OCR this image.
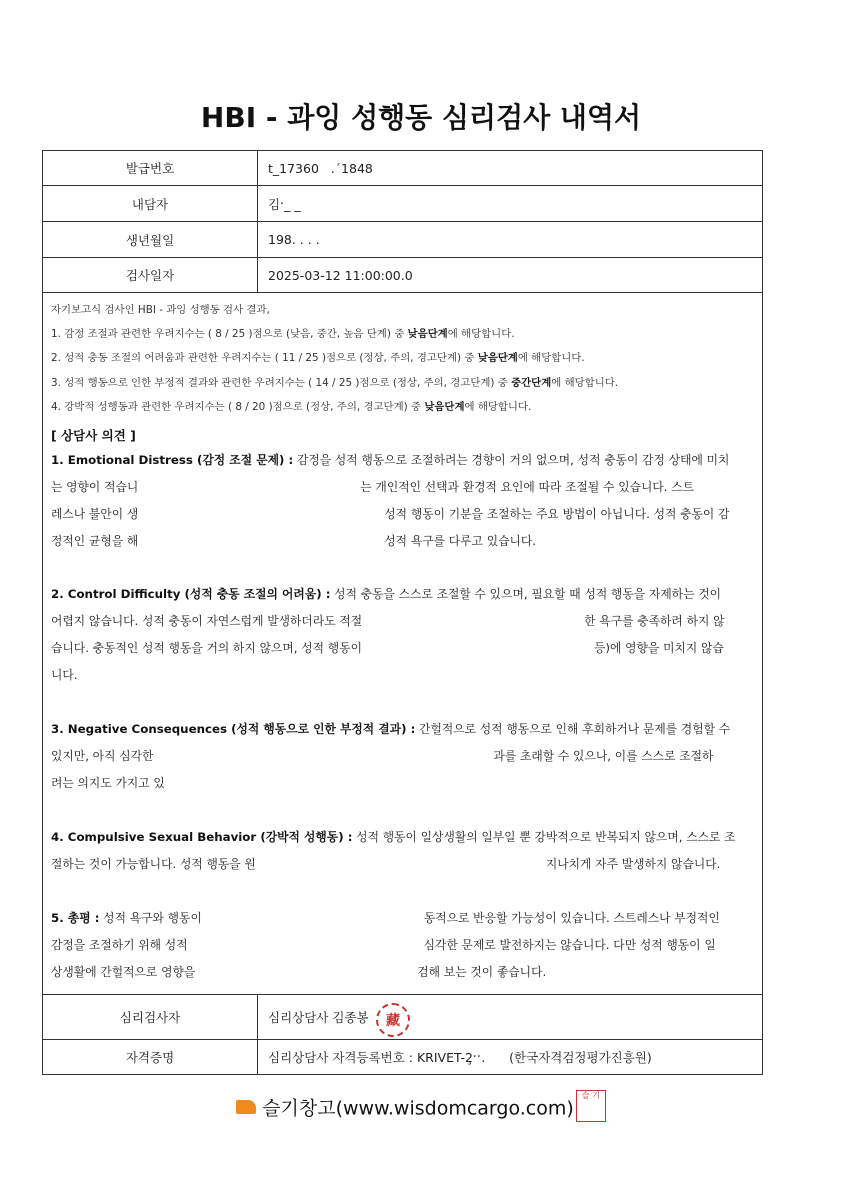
HBI - 과잉 성행동 심리검사 내역서
발급번호	t_17360   .´1848
내담자	김ˑ_ _
생년월일	198. . . .
검사일자	2025-03-12 11:00:00.0
자기보고식 검사인 HBI - 과잉 성행동 검사 결과,
1. 감정 조절과 관련한 우려지수는 ( 8 / 25 )점으로 (낮음, 중간, 높음 단계) 중 낮음단계에 해당합니다.
2. 성적 충동 조절의 어려움과 관련한 우려지수는 ( 11 / 25 )점으로 (정상, 주의, 경고단계) 중 낮음단계에 해당합니다.
3. 성적 행동으로 인한 부정적 결과와 관련한 우려지수는 ( 14 / 25 )점으로 (정상, 주의, 경고단계) 중 중간단계에 해당합니다.
4. 강박적 성행동과 관련한 우려지수는 ( 8 / 20 )점으로 (정상, 주의, 경고단계) 중 낮음단계에 해당합니다.
[ 상담사 의견 ]
1. Emotional Distress (감정 조절 문제) : 감정을 성적 행동으로 조절하려는 경향이 거의 없으며, 성적 충동이 감정 상태에 미치
는 영향이 적습니	는 개인적인 선택과 환경적 요인에 따라 조절될 수 있습니다. 스트
레스나 불안이 생	성적 행동이 기분을 조절하는 주요 방법이 아닙니다. 성적 충동이 감
정적인 균형을 해	성적 욕구를 다루고 있습니다.
2. Control Difficulty (성적 충동 조절의 어려움) : 성적 충동을 스스로 조절할 수 있으며, 필요할 때 성적 행동을 자제하는 것이
어렵지 않습니다. 성적 충동이 자연스럽게 발생하더라도 적절	한 욕구를 충족하려 하지 않
습니다. 충동적인 성적 행동을 거의 하지 않으며, 성적 행동이	등)에 영향을 미치지 않습
니다.
3. Negative Consequences (성적 행동으로 인한 부정적 결과) : 간헐적으로 성적 행동으로 인해 후회하거나 문제를 경험할 수
있지만, 아직 심각한	과를 초래할 수 있으나, 이를 스스로 조절하
려는 의지도 가지고 있
4. Compulsive Sexual Behavior (강박적 성행동) : 성적 행동이 일상생활의 일부일 뿐 강박적으로 반복되지 않으며, 스스로 조
절하는 것이 가능합니다. 성적 행동을 원	지나치게 자주 발생하지 않습니다.
5. 총평 : 성적 욕구와 행동이	동적으로 반응할 가능성이 있습니다. 스트레스나 부정적인
감정을 조절하기 위해 성적	심각한 문제로 발전하지는 않습니다. 다만 성적 행동이 일
상생활에 간헐적으로 영향을	검해 보는 것이 좋습니다.
심리검사자	심리상담사 김종봉	藏
자격증명	심리상담사 자격등록번호 : KRIVET-2̧ˑˑ.      (한국자격검정평가진흥원)
슬기창고(www.wisdomcargo.com)슬 기
